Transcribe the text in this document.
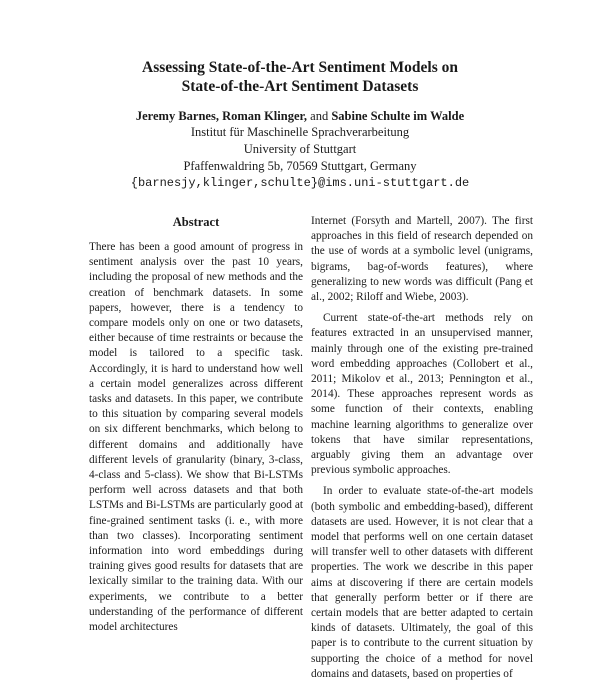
Assessing State-of-the-Art Sentiment Models on
State-of-the-Art Sentiment Datasets
Jeremy Barnes, Roman Klinger, and Sabine Schulte im Walde
Institut für Maschinelle Sprachverarbeitung
University of Stuttgart
Pfaffenwaldring 5b, 70569 Stuttgart, Germany
{barnesjy,klinger,schulte}@ims.uni-stuttgart.de
Abstract

There has been a good amount of progress in sentiment analysis over the past 10 years, including the proposal of new methods and the creation of benchmark datasets. In some papers, however, there is a tendency to compare models only on one or two datasets, either because of time restraints or because the model is tailored to a specific task. Accordingly, it is hard to understand how well a certain model generalizes across different tasks and datasets. In this paper, we contribute to this situation by comparing several models on six different benchmarks, which belong to different domains and additionally have different levels of granularity (binary, 3-class, 4-class and 5-class). We show that Bi-LSTMs perform well across datasets and that both LSTMs and Bi-LSTMs are particularly good at fine-grained sentiment tasks (i. e., with more than two classes). Incorporating sentiment information into word embeddings during training gives good results for datasets that are lexically similar to the training data. With our experiments, we contribute to a better understanding of the performance of different model architectures

Internet (Forsyth and Martell, 2007). The first approaches in this field of research depended on the use of words at a symbolic level (unigrams, bigrams, bag-of-words features), where generalizing to new words was difficult (Pang et al., 2002; Riloff and Wiebe, 2003).

Current state-of-the-art methods rely on features extracted in an unsupervised manner, mainly through one of the existing pre-trained word embedding approaches (Collobert et al., 2011; Mikolov et al., 2013; Pennington et al., 2014). These approaches represent words as some function of their contexts, enabling machine learning algorithms to generalize over tokens that have similar representations, arguably giving them an advantage over previous symbolic approaches.

In order to evaluate state-of-the-art models (both symbolic and embedding-based), different datasets are used. However, it is not clear that a model that performs well on one certain dataset will transfer well to other datasets with different properties. The work we describe in this paper aims at discovering if there are certain models that generally perform better or if there are certain models that are better adapted to certain kinds of datasets. Ultimately, the goal of this paper is to contribute to the current situation by supporting the choice of a method for novel domains and datasets, based on properties of
